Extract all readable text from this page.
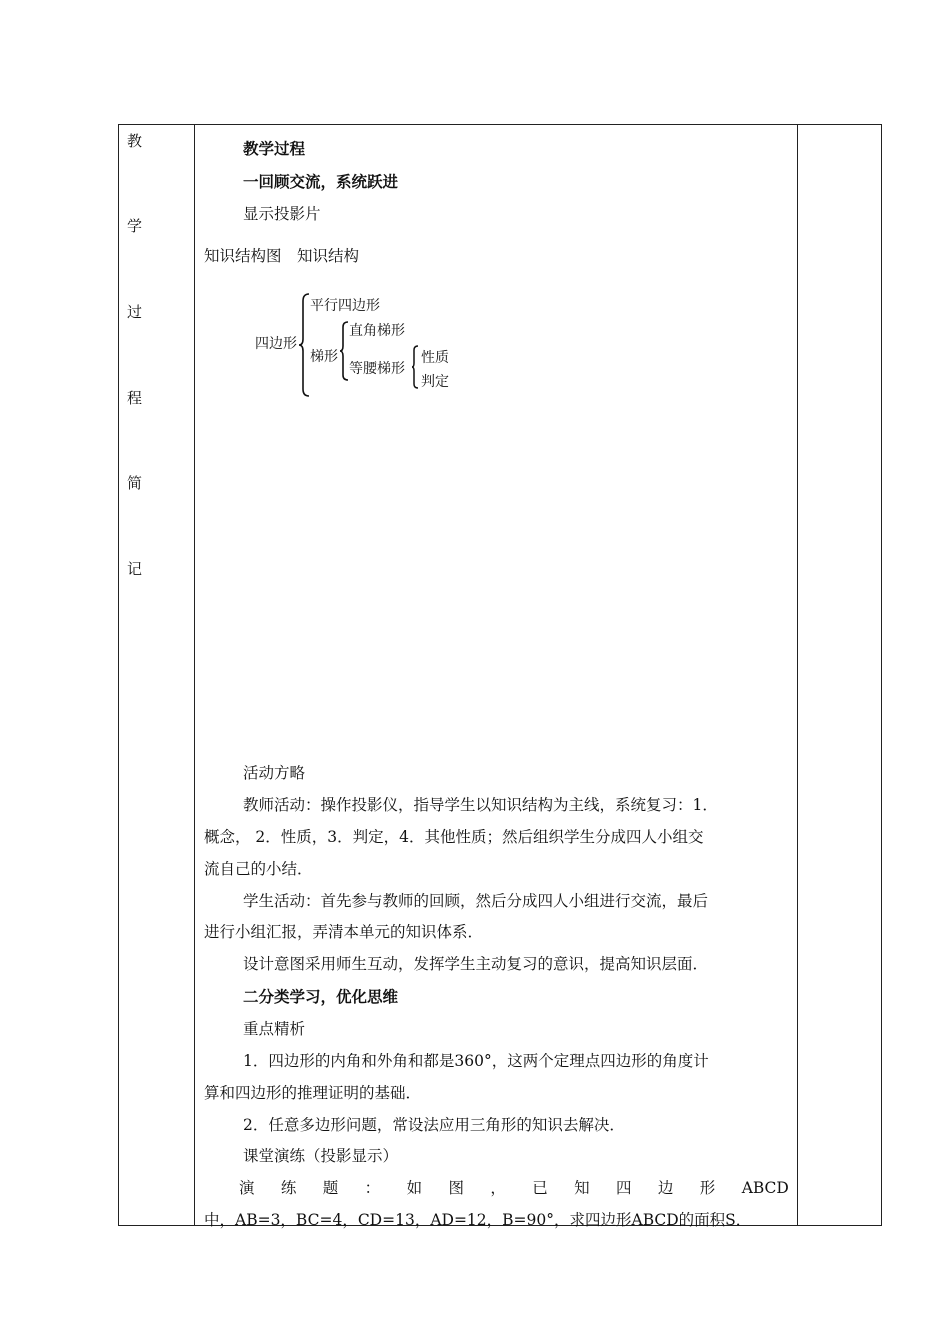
教
学
过
程
简
记
教学过程
一回顾交流，系统跃进
显示投影片
知识结构图　知识结构
四边形
平行四边形
梯形
直角梯形
等腰梯形
性质
判定
活动方略
教师活动：操作投影仪，指导学生以知识结构为主线，系统复习：1．
概念， 2．性质，3．判定，4．其他性质；然后组织学生分成四人小组交
流自己的小结．
学生活动：首先参与教师的回顾，然后分成四人小组进行交流，最后
进行小组汇报，弄清本单元的知识体系．
设计意图采用师生互动，发挥学生主动复习的意识，提高知识层面．
二分类学习，优化思维
重点精析
1．四边形的内角和外角和都是360°，这两个定理点四边形的角度计
算和四边形的推理证明的基础．
2．任意多边形问题，常设法应用三角形的知识去解决．
课堂演练（投影显示）
演 练 题 ： 如 图 ， 已 知 四 边 形 ABCD
中，AB=3，BC=4，CD=13，AD=12，B=90°，求四边形ABCD的面积S．
